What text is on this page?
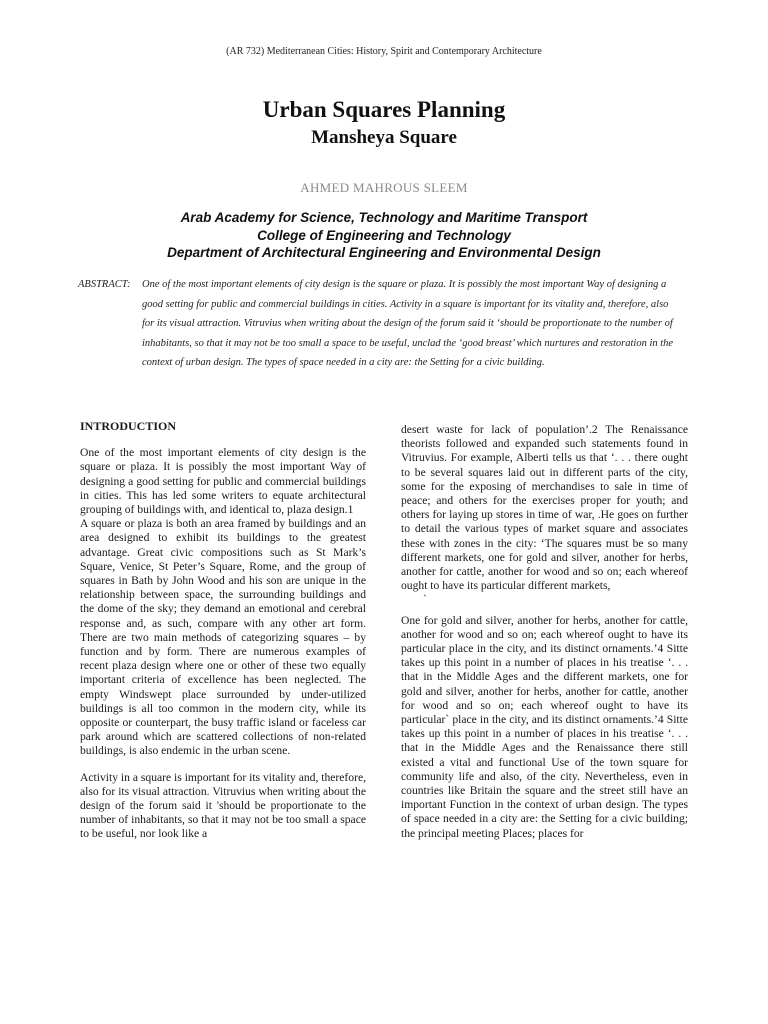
(AR 732) Mediterranean Cities: History, Spirit and Contemporary Architecture
Urban Squares Planning
Mansheya Square
AHMED MAHROUS SLEEM
Arab Academy for Science, Technology and Maritime Transport
College of Engineering and Technology
Department of Architectural Engineering and Environmental Design
ABSTRACT: One of the most important elements of city design is the square or plaza. It is possibly the most important Way of designing a good setting for public and commercial buildings in cities. Activity in a square is important for its vitality and, therefore, also for its visual attraction. Vitruvius when writing about the design of the forum said it ‘should be proportionate to the number of inhabitants, so that it may not be too small a space to be useful, unclad the ‘good breast’ which nurtures and restoration in the context of urban design. The types of space needed in a city are: the Setting for a civic building.
INTRODUCTION

One of the most important elements of city design is the square or plaza. It is possibly the most important Way of designing a good setting for public and commercial buildings in cities. This has led some writers to equate architectural grouping of buildings with, and identical to, plaza design.1

A square or plaza is both an area framed by buildings and an area designed to exhibit its buildings to the greatest advantage. Great civic compositions such as St Mark’s Square, Venice, St Peter’s Square, Rome, and the group of squares in Bath by John Wood and his son are unique in the relationship between space, the surrounding buildings and the dome of the sky; they demand an emotional and cerebral response and, as such, compare with any other art form. There are two main methods of categorizing squares – by function and by form. There are numerous examples of recent plaza design where one or other of these two equally important criteria of excellence has been neglected. The empty Windswept place surrounded by under-utilized buildings is all too common in the modern city, while its opposite or counterpart, the busy traffic island or faceless car park around which are scattered collections of non-related buildings, is also endemic in the urban scene.

Activity in a square is important for its vitality and, therefore, also for its visual attraction. Vitruvius when writing about the design of the forum said it 'should be proportionate to the number of inhabitants, so that it may not be too small a space to be useful, nor look like a

desert waste for lack of population’.2 The Renaissance theorists followed and expanded such statements found in Vitruvius. For example, Alberti tells us that ‘. . . there ought to be several squares laid out in different parts of the city, some for the exposing of merchandises to sale in time of peace; and others for the exercises proper for youth; and others for laying up stores in time of war, .He goes on further to detail the various types of market square and associates these with zones in the city: ‘The squares must be so many different markets, one for gold and silver, another for herbs, another for cattle, another for wood and so on; each whereof ought to have its particular different markets,

`

One for gold and silver, another for herbs, another for cattle, another for wood and so on; each whereof ought to have its particular place in the city, and its distinct ornaments.’4 Sitte takes up this point in a number of places in his treatise ‘. . . that in the Middle Ages and the different markets, one for gold and silver, another for herbs, another for cattle, another for wood and so on; each whereof ought to have its particular` place in the city, and its distinct ornaments.’4 Sitte takes up this point in a number of places in his treatise ‘. . . that in the Middle Ages and the Renaissance there still existed a vital and functional Use of the town square for community life and also, of the city. Nevertheless, even in countries like Britain the square and the street still have an important Function in the context of urban design. The types of space needed in a city are: the Setting for a civic building; the principal meeting Places; places for
